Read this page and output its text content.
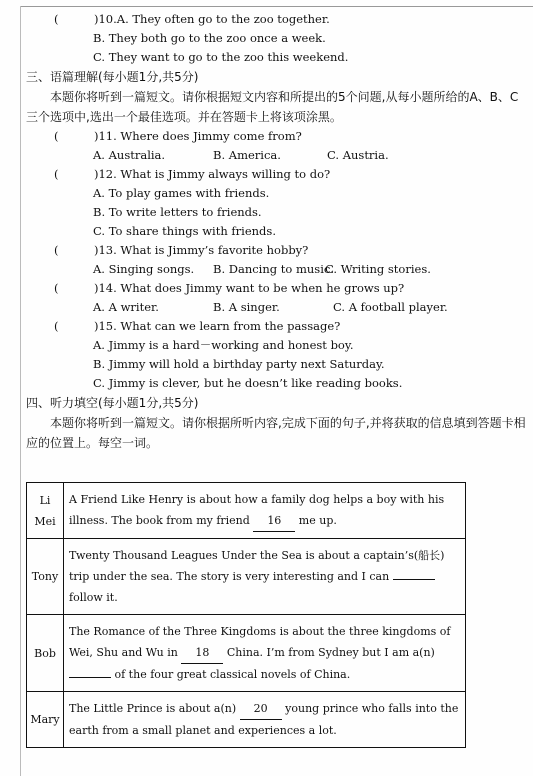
(	)10.A. They often go to the zoo together.
B. They both go to the zoo once a week.
C. They want to go to the zoo this weekend.
三、语篇理解(每小题1分,共5分)
本题你将听到一篇短文。请你根据短文内容和所提出的5个问题,从每小题所给的A、B、C三个选项中,选出一个最佳选项。并在答题卡上将该项涂黑。
(	)11. Where does Jimmy come from?
A. Australia.	B. America.	C. Austria.
(	)12. What is Jimmy always willing to do?
A. To play games with friends.
B. To write letters to friends.
C. To share things with friends.
(	)13. What is Jimmy’s favorite hobby?
A. Singing songs.	B. Dancing to music.
C. Writing stories.
(	)14. What does Jimmy want to be when he grows up?
A. A writer.	B. A singer.	C. A football player.
(	)15. What can we learn from the passage?
A. Jimmy is a hard－working and honest boy.
B. Jimmy will hold a birthday party next Saturday.
C. Jimmy is clever, but he doesn’t like reading books.
四、听力填空(每小题1分,共5分)
本题你将听到一篇短文。请你根据所听内容,完成下面的句子,并将获取的信息填到答题卡相应的位置上。每空一词。
Li Mei	A Friend Like Henry is about how a family dog helps a boy with his illness. The book from my friend 16 me up.
Tony	Twenty Thousand Leagues Under the Sea is about a captain’s(船长) trip under the sea. The story is very interesting and I can  follow it.
Bob	The Romance of the Three Kingdoms is about the three kingdoms of Wei, Shu and Wu in 18 China. I’m from Sydney but I am a(n)  of the four great classical novels of China.
Mary	The Little Prince is about a(n) 20 young prince who falls into the earth from a small planet and experiences a lot.
